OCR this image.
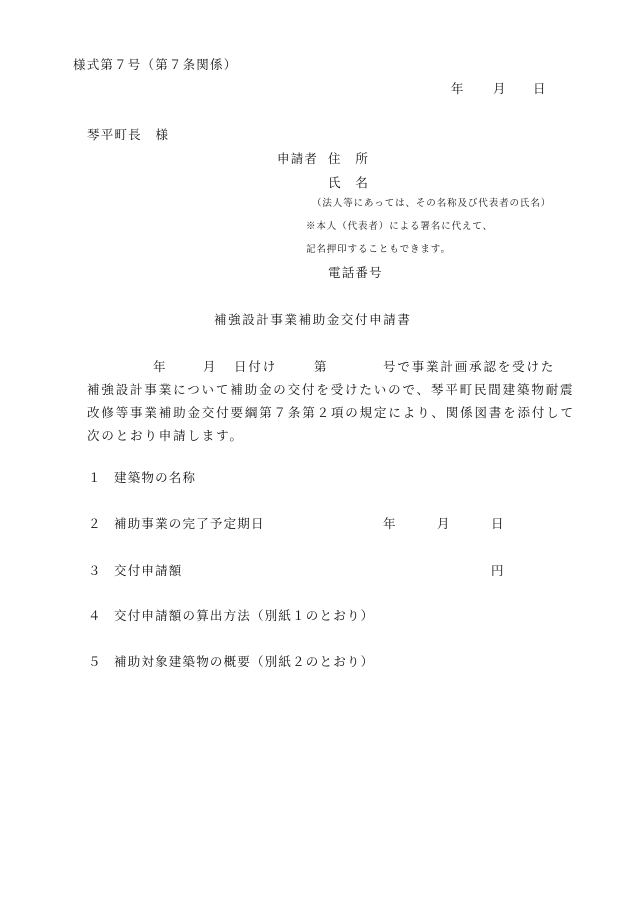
様式第７号（第７条関係）
年 月 日
琴平町長　様
申請者 住　所
氏　名
（法人等にあっては、その名称及び代表者の氏名）
※本人（代表者）による署名に代えて、
記名押印することもできます。
電話番号
補強設計事業補助金交付申請書
年	月 日付け	第	号で事業計画承認を受けた
補強設計事業について補助金の交付を受けたいので、琴平町民間建築物耐震
改修等事業補助金交付要綱第７条第２項の規定により、関係図書を添付して
次のとおり申請します。
１ 建築物の名称
２ 補助事業の完了予定期日	年	月	日
３ 交付申請額	円
４ 交付申請額の算出方法（別紙１のとおり）
５ 補助対象建築物の概要（別紙２のとおり）
